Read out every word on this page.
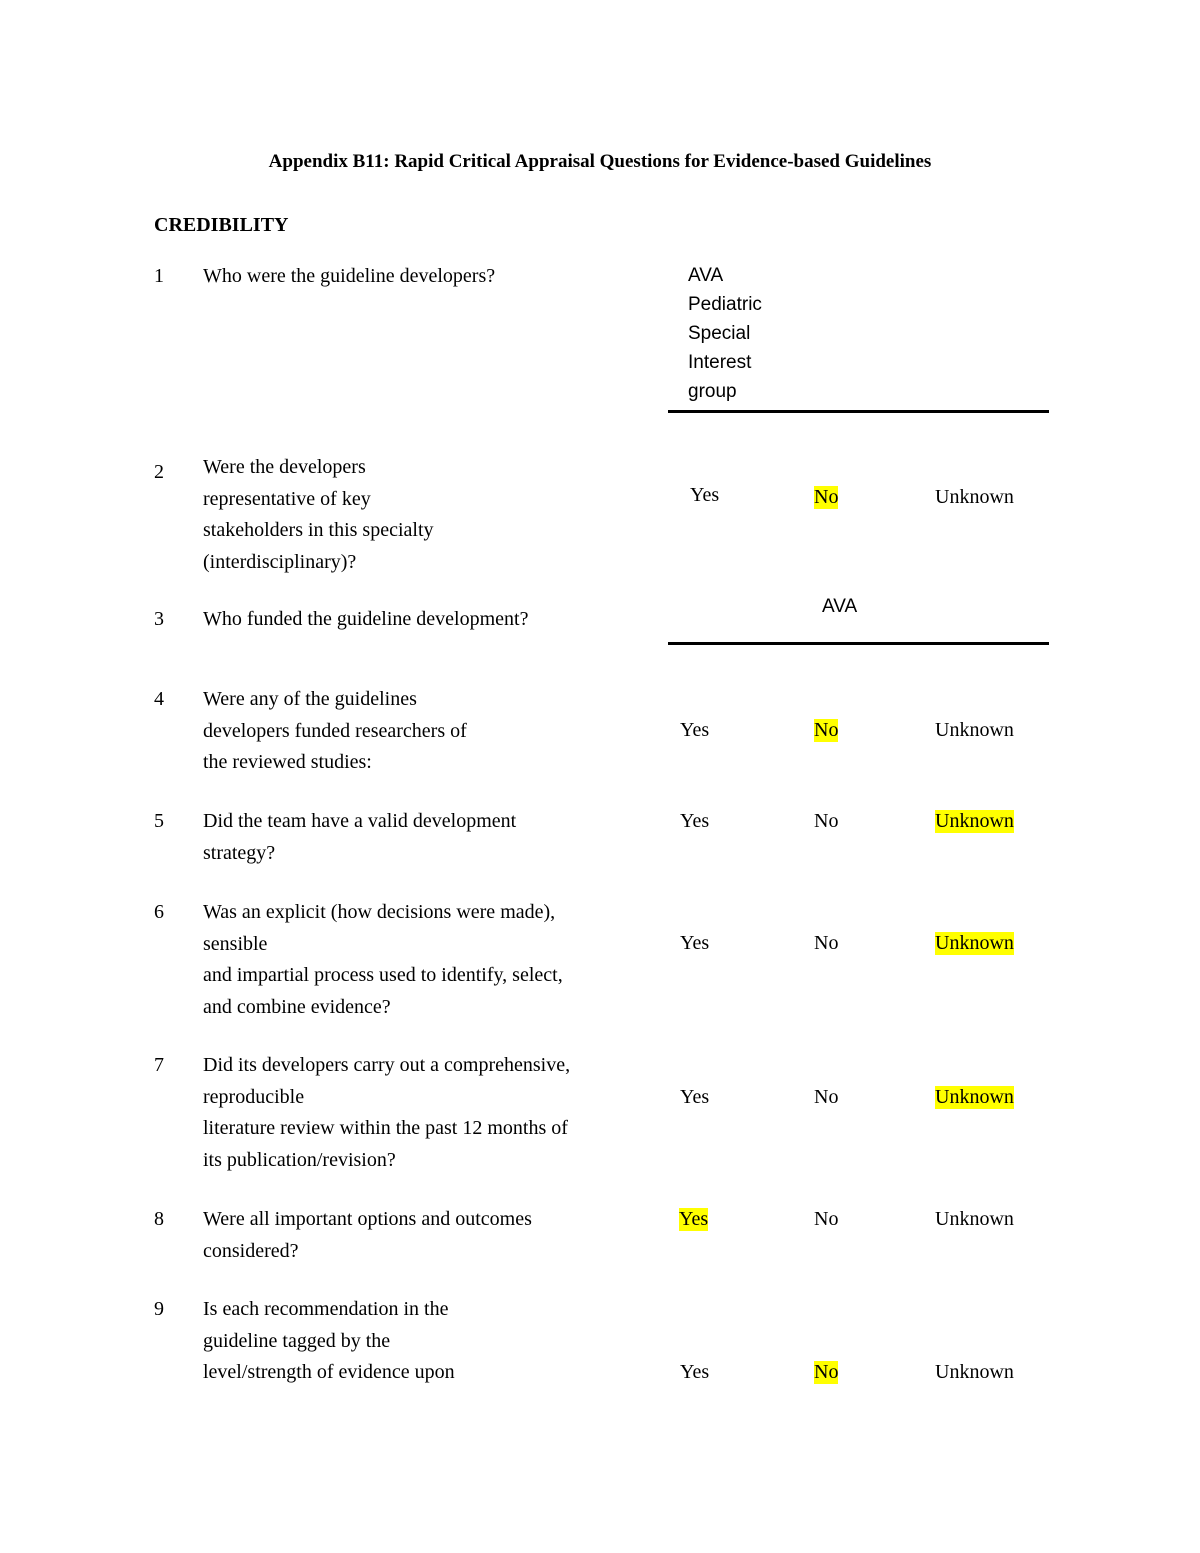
Appendix B11: Rapid Critical Appraisal Questions for Evidence-based Guidelines
CREDIBILITY
1 Who were the guideline developers?	AVA
Pediatric
Special
Interest
group
2 Were the developers
representative of key
stakeholders in this specialty
(interdisciplinary)?
Yes	No	Unknown
3 Who funded the guideline development?
AVA
4 Were any of the guidelines
developers funded researchers of
the reviewed studies:
Yes	No	Unknown
5 Did the team have a valid development
strategy?
Yes	No	Unknown
6 Was an explicit (how decisions were made),
sensible
and impartial process used to identify, select,
and combine evidence?
Yes	No	Unknown
7 Did its developers carry out a comprehensive,
reproducible
literature review within the past 12 months of
its publication/revision?
Yes	No	Unknown
8 Were all important options and outcomes
considered?
Yes	No	Unknown
9 Is each recommendation in the
guideline tagged by the
level/strength of evidence upon	Yes	No	Unknown
